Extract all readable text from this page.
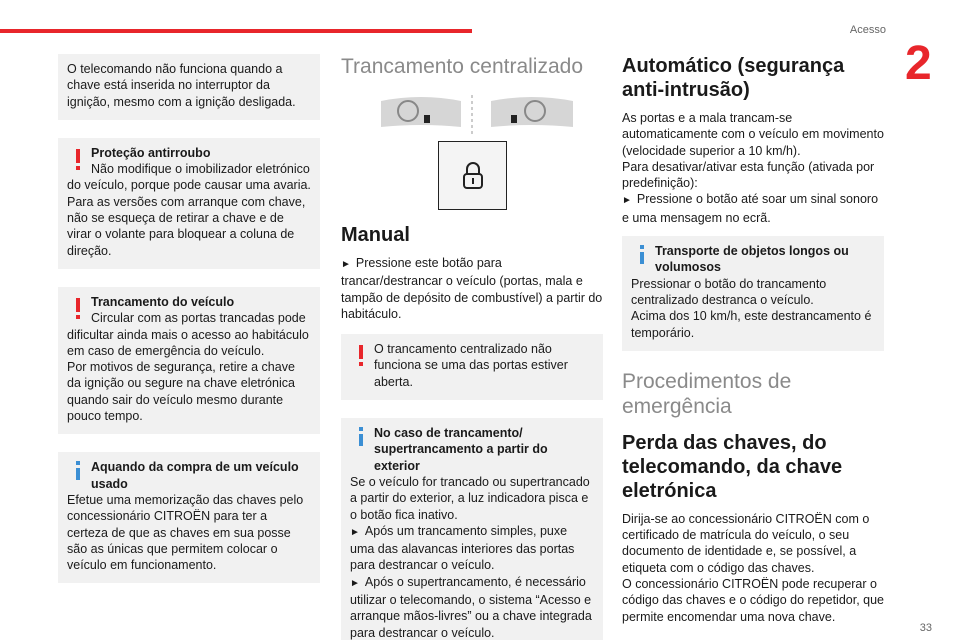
Acesso
2
33
O telecomando não funciona quando a chave está inserida no interruptor da ignição, mesmo com a ignição desligada.
Proteção antirroubo
Não modifique o imobilizador eletrónico
do veículo, porque pode causar uma avaria. Para as versões com arranque com chave, não se esqueça de retirar a chave e de virar o volante para bloquear a coluna de direção.
Trancamento do veículo
Circular com as portas trancadas pode
dificultar ainda mais o acesso ao habitáculo em caso de emergência do veículo.
Por motivos de segurança, retire a chave da ignição ou segure na chave eletrónica quando sair do veículo mesmo durante pouco tempo.
Aquando da compra de um veículo usado
Efetue uma memorização das chaves pelo concessionário CITROËN para ter a certeza de que as chaves em sua posse são as únicas que permitem colocar o veículo em funcionamento.
Trancamento centralizado
Manual
► Pressione este botão para trancar/destrancar o veículo (portas, mala e tampão de depósito de combustível) a partir do habitáculo.
O trancamento centralizado não funciona se uma das portas estiver aberta.
No caso de trancamento/ supertrancamento a partir do exterior
Se o veículo for trancado ou supertrancado a partir do exterior, a luz indicadora pisca e o botão fica inativo.
► Após um trancamento simples, puxe uma das alavancas interiores das portas para destrancar o veículo.
► Após o supertrancamento, é necessário utilizar o telecomando, o sistema “Acesso e arranque mãos-livres” ou a chave integrada para destrancar o veículo.
Automático (segurança anti-intrusão)
As portas e a mala trancam-se automaticamente com o veículo em movimento (velocidade superior a 10 km/h).
Para desativar/ativar esta função (ativada por predefinição):
► Pressione o botão até soar um sinal sonoro e uma mensagem no ecrã.
Transporte de objetos longos ou volumosos
Pressionar o botão do trancamento centralizado destranca o veículo.
Acima dos 10 km/h, este destrancamento é temporário.
Procedimentos de emergência
Perda das chaves, do telecomando, da chave eletrónica
Dirija-se ao concessionário CITROËN com o certificado de matrícula do veículo, o seu documento de identidade e, se possível, a etiqueta com o código das chaves.
O concessionário CITROËN pode recuperar o código das chaves e o código do repetidor, que permite encomendar uma nova chave.
